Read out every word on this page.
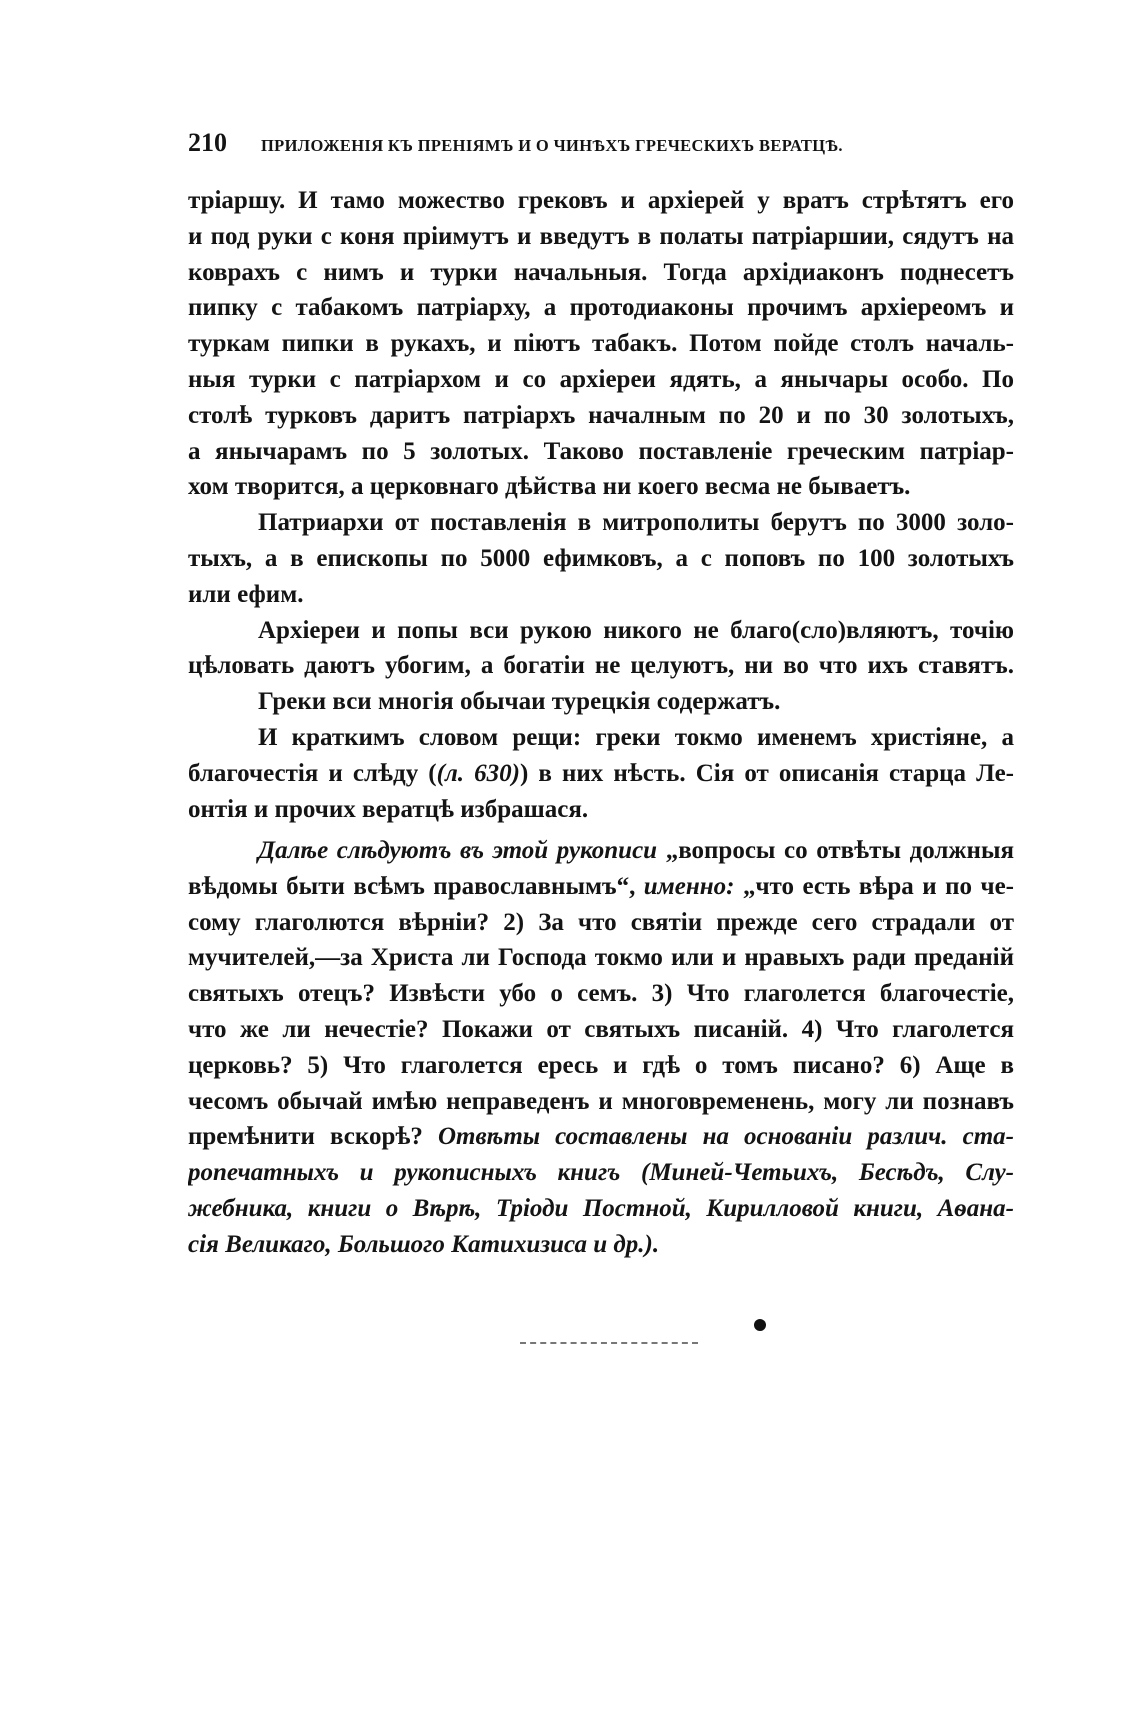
210 ПРИЛОЖЕНІЯ КЪ ПРЕНІЯМЪ И О ЧИНѢХЪ ГРЕЧЕСКИХЪ ВЕРАТЦѢ.
тріаршу. И тамо можество грековъ и архіерей у вратъ стрѣтятъ его
и под руки с коня пріимутъ и введутъ в полаты патріаршии, сядутъ на
коврахъ с нимъ и турки начальныя. Тогда архідиаконъ поднесетъ
пипку с табакомъ патріарху, а протодиаконы прочимъ архіереомъ и
туркам пипки в рукахъ, и піютъ табакъ. Потом пойде столъ началь-
ныя турки с патріархом и со архіереи ядять, а янычары особо. По
столѣ турковъ даритъ патріархъ началным по 20 и по 30 золотыхъ,
а янычарамъ по 5 золотых. Таково поставленіе греческим патріар-
хом творится, а церковнаго дѣйства ни коего весма не бываетъ.
Патриархи от поставленія в митрополиты берутъ по 3000 золо-
тыхъ, а в епископы по 5000 ефимковъ, а с поповъ по 100 золотыхъ
или ефим.
Архіереи и попы вси рукою никого не благо(сло)вляютъ, точію
цѣловать даютъ убогим, а богатіи не целуютъ, ни во что ихъ ставятъ.
Греки вси многія обычаи турецкія содержатъ.
И краткимъ словом рещи: греки токмо именемъ христіяне, а
благочестія и слѣду ((л. 630)) в них нѣсть. Сія от описанія старца Ле-
онтія и прочих вератцѣ избрашася.
Далѣе слѣдуютъ въ этой рукописи „вопросы со отвѣты должныя
вѣдомы быти всѣмъ православнымъ“, именно: „что есть вѣра и по че-
сому глаголются вѣрніи? 2) За что святіи прежде сего страдали от
мучителей,—за Христа ли Господа токмо или и нравыхъ ради преданій
святыхъ отецъ? Извѣсти убо о семъ. 3) Что глаголется благочестіе,
что же ли нечестіе? Покажи от святыхъ писаній. 4) Что глаголется
церковь? 5) Что глаголется ересь и гдѣ о томъ писано? 6) Аще в
чесомъ обычай имѣю неправеденъ и многовременень, могу ли познавъ
премѣнити вскорѣ? Отвѣты составлены на основаніи различ. ста-
ропечатныхъ и рукописныхъ книгъ (Миней-Четьихъ, Бесѣдъ, Слу-
жебника, книги о Вѣрѣ, Тріоди Постной, Кирилловой книги, Аѳана-
сія Великаго, Большого Катихизиса и др.).
